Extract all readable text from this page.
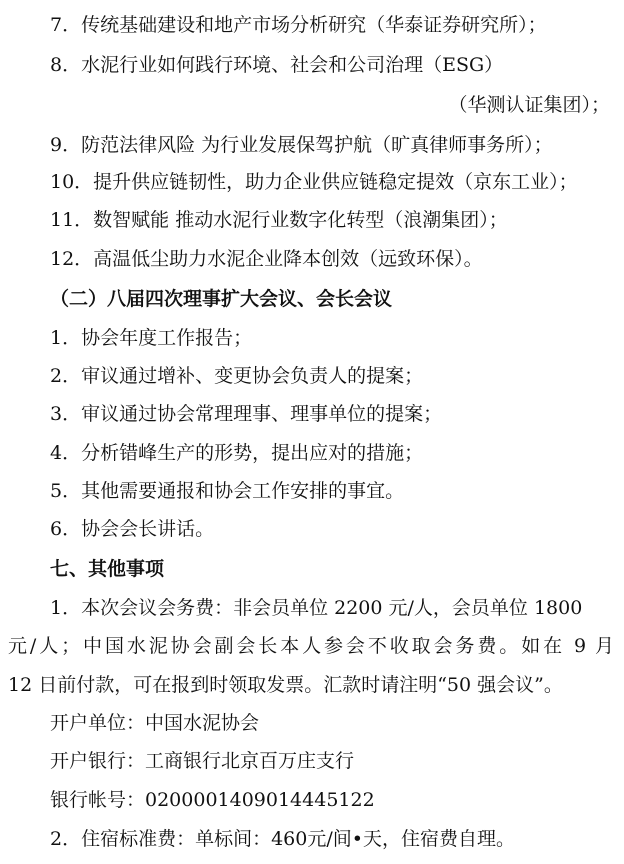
7．传统基础建设和地产市场分析研究（华泰证券研究所）；
8．水泥行业如何践行环境、社会和公司治理（ESG）
（华测认证集团）；
9．防范法律风险 为行业发展保驾护航（旷真律师事务所）；
10．提升供应链韧性，助力企业供应链稳定提效（京东工业）；
11．数智赋能 推动水泥行业数字化转型（浪潮集团）；
12．高温低尘助力水泥企业降本创效（远致环保）。
（二）八届四次理事扩大会议、会长会议
1．协会年度工作报告；
2．审议通过增补、变更协会负责人的提案；
3．审议通过协会常理理事、理事单位的提案；
4．分析错峰生产的形势，提出应对的措施；
5．其他需要通报和协会工作安排的事宜。
6．协会会长讲话。
七、其他事项
1．本次会议会务费：非会员单位 2200 元/人，会员单位 1800
元/人；中国水泥协会副会长本人参会不收取会务费。如在 9 月
12 日前付款，可在报到时领取发票。汇款时请注明“50 强会议”。
开户单位：中国水泥协会
开户银行：工商银行北京百万庄支行
银行帐号：0200001409014445122
2．住宿标准费：单标间：460元/间•天，住宿费自理。
